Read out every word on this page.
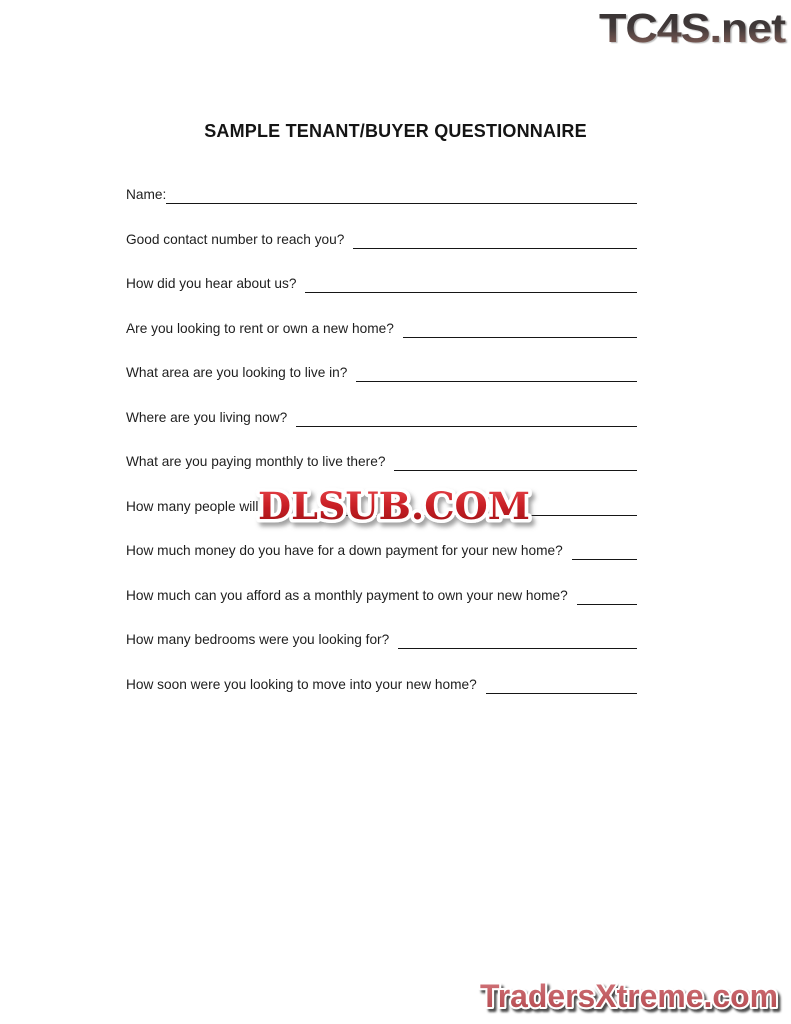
TC4S.net
SAMPLE TENANT/BUYER QUESTIONNAIRE
Name:
Good contact number to reach you?
How did you hear about us?
Are you looking to rent or own a new home?
What area are you looking to live in?
Where are you living now?
What are you paying monthly to live there?
How many people will b
How much money do you have for a down payment for your new home?
How much can you afford as a monthly payment to own your new home?
How many bedrooms were you looking for?
How soon were you looking to move into your new home?
DLSUB.COM
TradersXtreme.com
